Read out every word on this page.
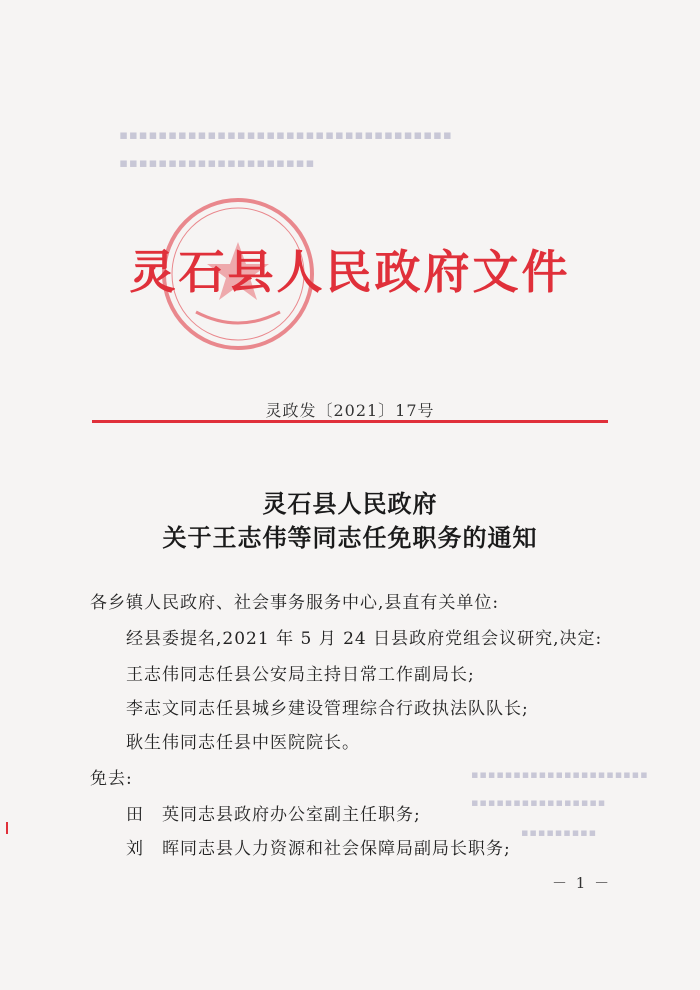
▪▪▪▪▪▪▪▪▪▪▪▪▪▪▪▪▪▪▪▪▪▪▪▪▪▪▪▪▪▪▪▪▪▪
▪▪▪▪▪▪▪▪▪▪▪▪▪▪▪▪▪▪▪▪
▪▪▪▪▪▪▪▪▪▪▪▪▪▪▪▪▪▪▪▪▪
▪▪▪▪▪▪▪▪▪▪▪▪▪▪▪▪
▪▪▪▪▪▪▪▪▪
灵石县人民政府文件
灵政发〔2021〕17号
灵石县人民政府
关于王志伟等同志任免职务的通知
各乡镇人民政府、社会事务服务中心,县直有关单位:
经县委提名,2021 年 5 月 24 日县政府党组会议研究,决定:
王志伟同志任县公安局主持日常工作副局长;
李志文同志任县城乡建设管理综合行政执法队队长;
耿生伟同志任县中医院院长。
免去:
田　英同志县政府办公室副主任职务;
刘　晖同志县人力资源和社会保障局副局长职务;
－ 1 －
